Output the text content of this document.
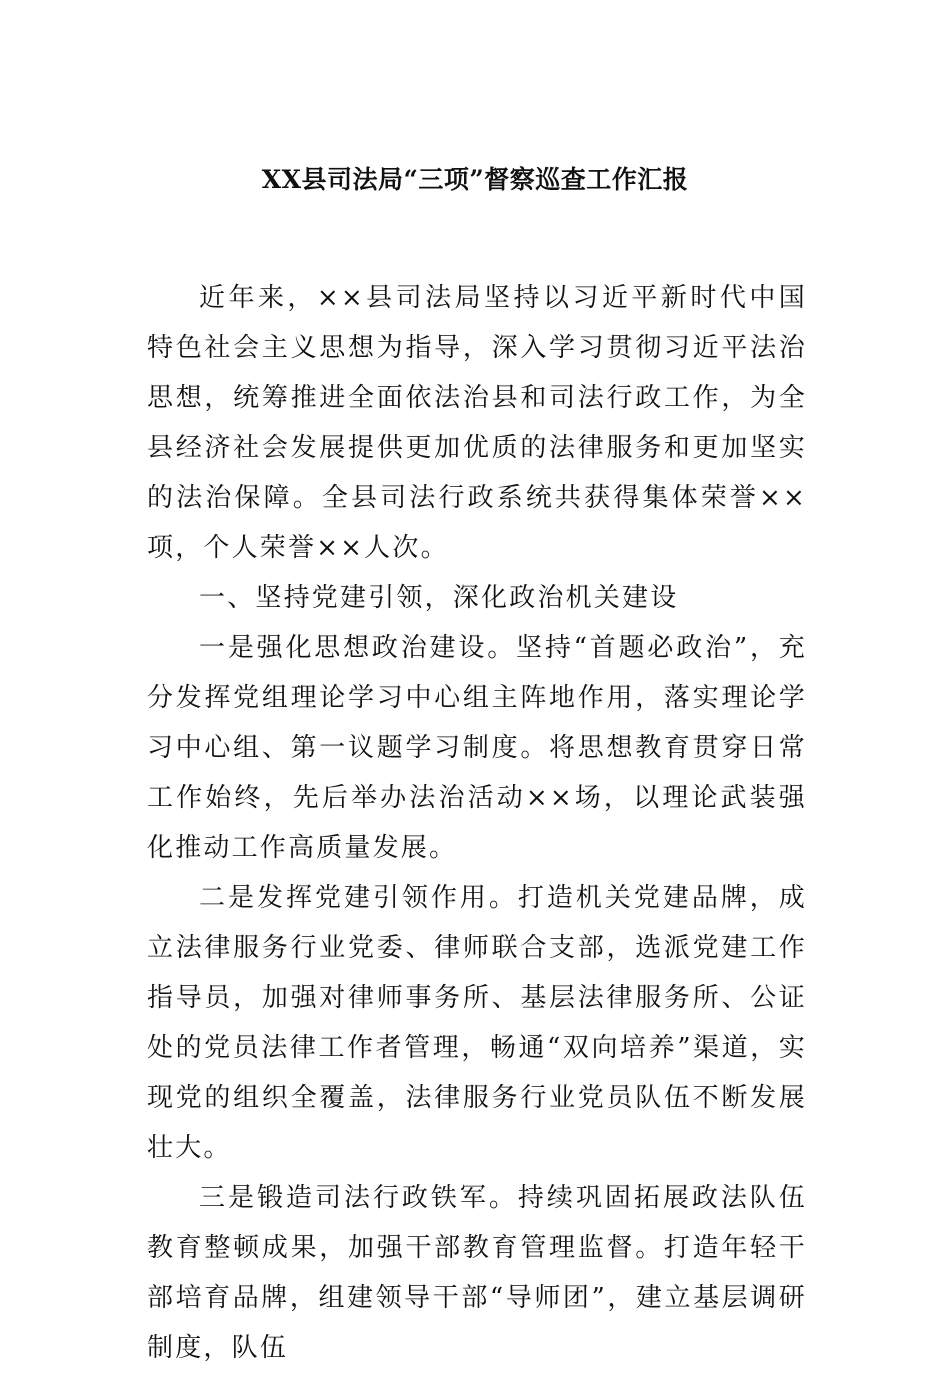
XX县司法局“三项”督察巡查工作汇报

近年来，××县司法局坚持以习近平新时代中国特色社会主义思想为指导，深入学习贯彻习近平法治思想，统筹推进全面依法治县和司法行政工作，为全县经济社会发展提供更加优质的法律服务和更加坚实的法治保障。全县司法行政系统共获得集体荣誉××项，个人荣誉××人次。

一、坚持党建引领，深化政治机关建设

一是强化思想政治建设。坚持“首题必政治”，充分发挥党组理论学习中心组主阵地作用，落实理论学习中心组、第一议题学习制度。将思想教育贯穿日常工作始终，先后举办法治活动××场，以理论武装强化推动工作高质量发展。

二是发挥党建引领作用。打造机关党建品牌，成立法律服务行业党委、律师联合支部，选派党建工作指导员，加强对律师事务所、基层法律服务所、公证处的党员法律工作者管理，畅通“双向培养”渠道，实现党的组织全覆盖，法律服务行业党员队伍不断发展壮大。

三是锻造司法行政铁军。持续巩固拓展政法队伍教育整顿成果，加强干部教育管理监督。打造年轻干部培育品牌，组建领导干部“导师团”，建立基层调研制度，队伍
